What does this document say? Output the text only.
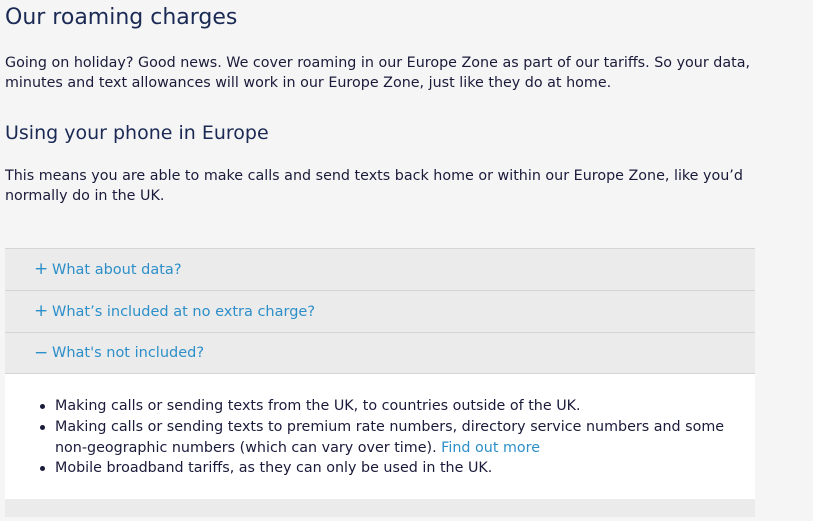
Our roaming charges

Going on holiday? Good news. We cover roaming in our Europe Zone as part of our tariffs. So your data, minutes and text allowances will work in our Europe Zone, just like they do at home.

Using your phone in Europe

This means you are able to make calls and send texts back home or within our Europe Zone, like you’d normally do in the UK.

+ What about data?
+ What’s included at no extra charge?
− What's not included?
Making calls or sending texts from the UK, to countries outside of the UK.
Making calls or sending texts to premium rate numbers, directory service numbers and some non-geographic numbers (which can vary over time). Find out more
Mobile broadband tariffs, as they can only be used in the UK.
